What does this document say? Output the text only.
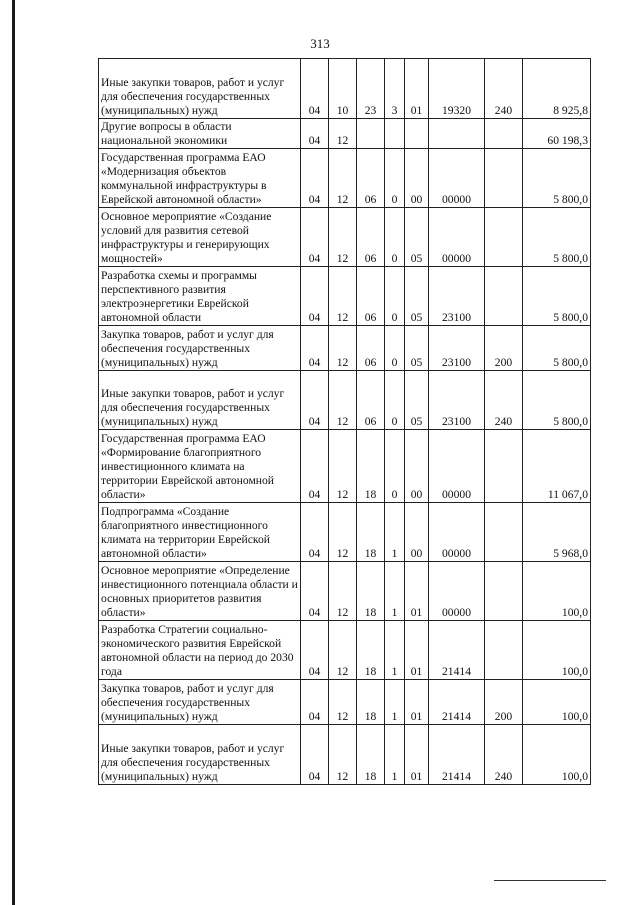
313
Иные закупки товаров, работ и услуг для обеспечения государственных (муниципальных) нужд	04	10	23	3	01	19320	240	8 925,8
Другие вопросы в области национальной экономики	04	12						60 198,3
Государственная программа ЕАО «Модернизация объектов коммунальной инфраструктуры в Еврейской автономной области»	04	12	06	0	00	00000		5 800,0
Основное мероприятие «Создание условий для развития сетевой инфраструктуры и генерирующих мощностей»	04	12	06	0	05	00000		5 800,0
Разработка схемы и программы перспективного развития электроэнергетики Еврейской автономной области	04	12	06	0	05	23100		5 800,0
Закупка товаров, работ и услуг для обеспечения государственных (муниципальных) нужд	04	12	06	0	05	23100	200	5 800,0
Иные закупки товаров, работ и услуг для обеспечения государственных (муниципальных) нужд	04	12	06	0	05	23100	240	5 800,0
Государственная программа ЕАО «Формирование благоприятного инвестиционного климата на территории Еврейской автономной области»	04	12	18	0	00	00000		11 067,0
Подпрограмма «Создание благоприятного инвестиционного климата на территории Еврейской автономной области»	04	12	18	1	00	00000		5 968,0
Основное мероприятие «Определение инвестиционного потенциала области и основных приоритетов развития области»	04	12	18	1	01	00000		100,0
Разработка Стратегии социально-экономического развития Еврейской автономной области на период до 2030 года	04	12	18	1	01	21414		100,0
Закупка товаров, работ и услуг для обеспечения государственных (муниципальных) нужд	04	12	18	1	01	21414	200	100,0
Иные закупки товаров, работ и услуг для обеспечения государственных (муниципальных) нужд	04	12	18	1	01	21414	240	100,0
